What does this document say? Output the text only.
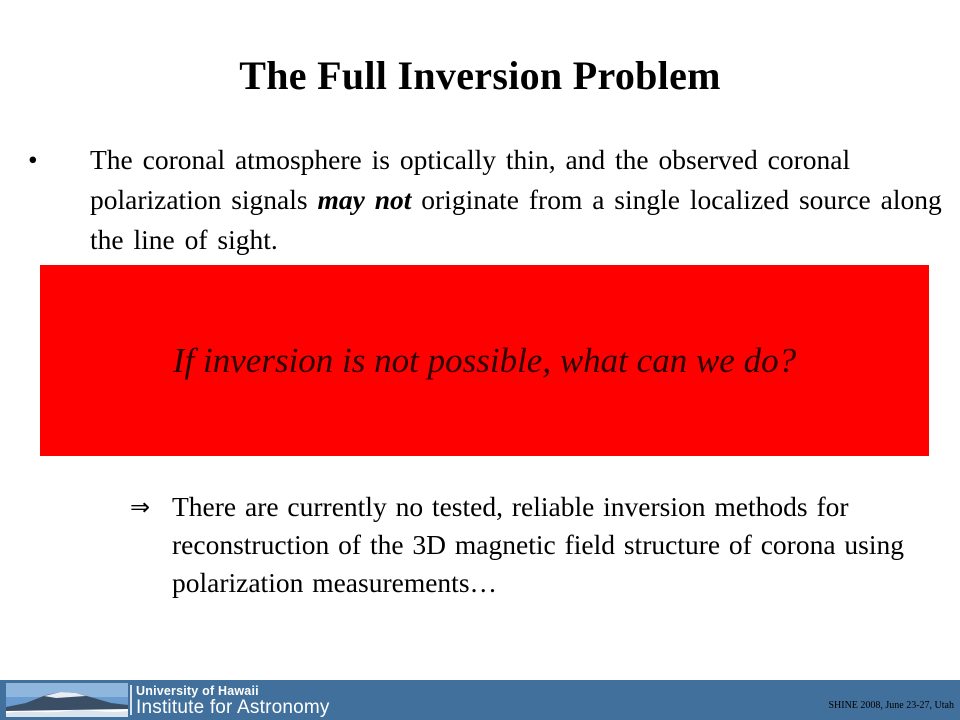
The Full Inversion Problem
•	The coronal atmosphere is optically thin, and the observed coronal polarization signals may not originate from a single localized source along the line of sight.
If inversion is not possible, what can we do?
⇒ There are currently no tested, reliable inversion methods for reconstruction of the 3D magnetic field structure of corona using polarization measurements…
University of Hawaii
Institute for Astronomy	SHINE 2008, June 23-27, Utah
